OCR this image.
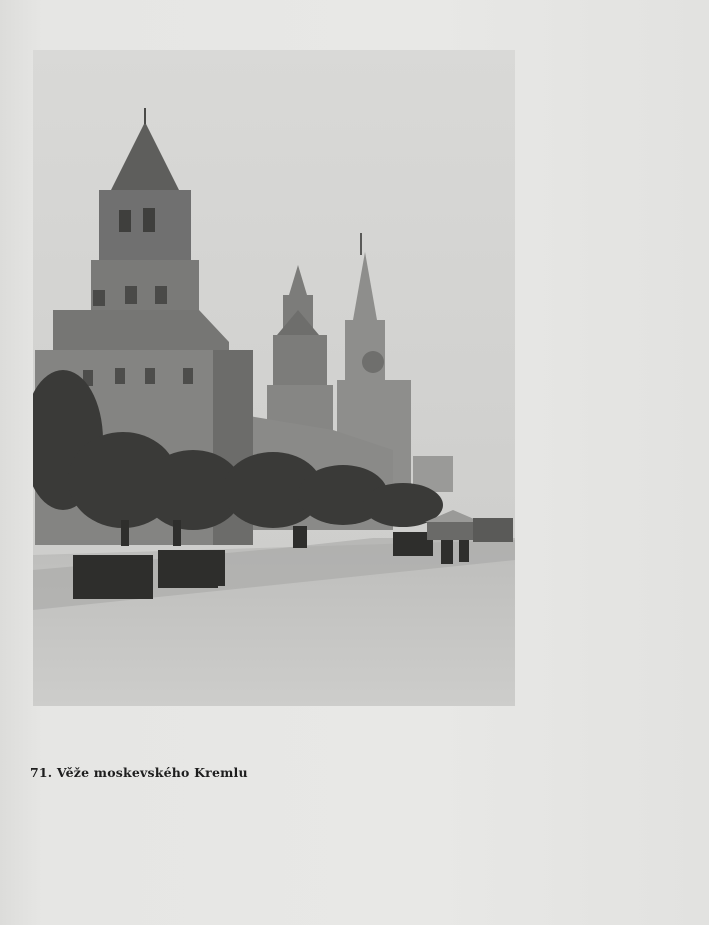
71. Věže moskevského Kremlu
